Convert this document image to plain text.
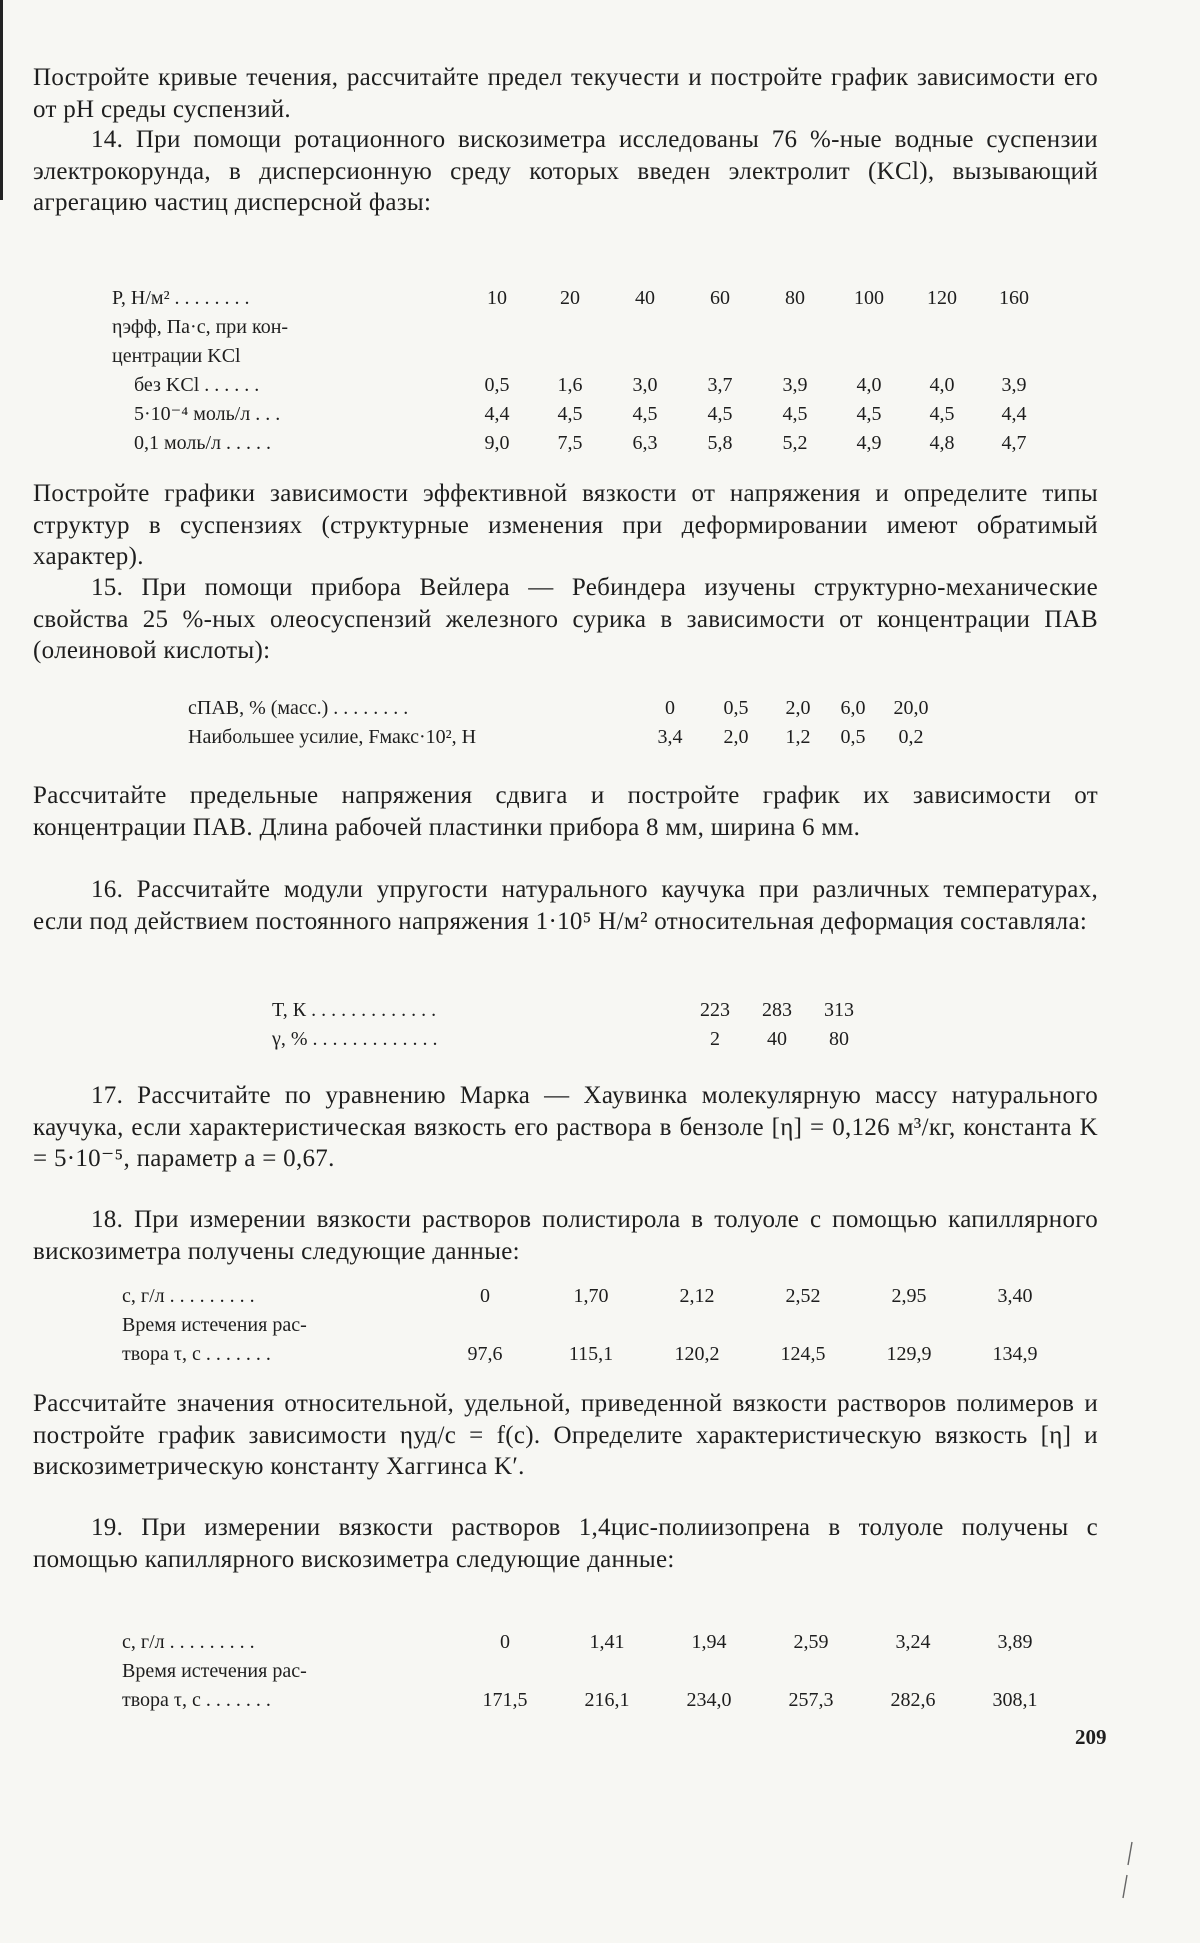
Постройте кривые течения, рассчитайте предел текучести и постройте график зависимости его от pH среды суспензий.

14. При помощи ротационного вискозиметра исследованы 76 %-ные водные суспензии электрокорунда, в дисперсионную среду которых введен электролит (KCl), вызывающий агрегацию частиц дисперсной фазы:

P, Н/м² . . . . . . . .	10	20	40	60	80	100	120	160
ηэфф, Па·с, при кон-
центрации KCl
без KCl . . . . . .	0,5	1,6	3,0	3,7	3,9	4,0	4,0	3,9
5·10⁻⁴ моль/л . . .	4,4	4,5	4,5	4,5	4,5	4,5	4,5	4,4
0,1 моль/л . . . . .	9,0	7,5	6,3	5,8	5,2	4,9	4,8	4,7

Постройте графики зависимости эффективной вязкости от напряжения и определите типы структур в суспензиях (структурные изменения при деформировании имеют обратимый характер).

15. При помощи прибора Вейлера — Ребиндера изучены структурно-механические свойства 25 %-ных олеосуспензий железного сурика в зависимости от концентрации ПАВ (олеиновой кислоты):

cПАВ, % (масс.) . . . . . . . .	0	0,5	2,0	6,0	20,0
Наибольшее усилие, Fмакс·10², Н	3,4	2,0	1,2	0,5	0,2

Рассчитайте предельные напряжения сдвига и постройте график их зависимости от концентрации ПАВ. Длина рабочей пластинки прибора 8 мм, ширина 6 мм.

16. Рассчитайте модули упругости натурального каучука при различных температурах, если под действием постоянного напряжения 1·10⁵ Н/м² относительная деформация составляла:

T, К . . . . . . . . . . . . .	223	283	313
γ, % . . . . . . . . . . . . .	2	40	80

17. Рассчитайте по уравнению Марка — Хаувинка молекулярную массу натурального каучука, если характеристическая вязкость его раствора в бензоле [η] = 0,126 м³/кг, константа K = 5·10⁻⁵, параметр a = 0,67.

18. При измерении вязкости растворов полистирола в толуоле с помощью капиллярного вискозиметра получены следующие данные:

c, г/л . . . . . . . . .	0	1,70	2,12	2,52	2,95	3,40
Время истечения рас-
твора τ, с . . . . . . .	97,6	115,1	120,2	124,5	129,9	134,9

Рассчитайте значения относительной, удельной, приведенной вязкости растворов полимеров и постройте график зависимости ηуд/c = f(c). Определите характеристическую вязкость [η] и вискозиметрическую константу Хаггинса K′.

19. При измерении вязкости растворов 1,4цис-полиизопрена в толуоле получены с помощью капиллярного вискозиметра следующие данные:

c, г/л . . . . . . . . .	0	1,41	1,94	2,59	3,24	3,89
Время истечения рас-
твора τ, с . . . . . . .	171,5	216,1	234,0	257,3	282,6	308,1
209
